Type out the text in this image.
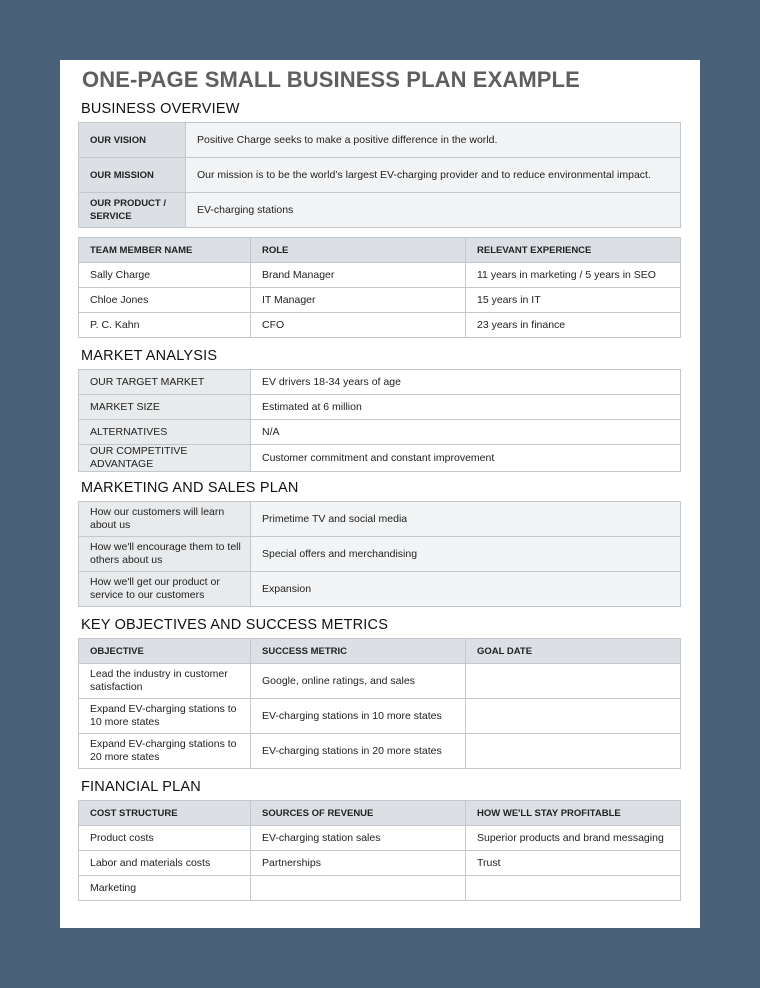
ONE-PAGE SMALL BUSINESS PLAN EXAMPLE
BUSINESS OVERVIEW
OUR VISION	Positive Charge seeks to make a positive difference in the world.
OUR MISSION	Our mission is to be the world’s largest EV-charging provider and to reduce environmental impact.
OUR PRODUCT / SERVICE	EV-charging stations
TEAM MEMBER NAME	ROLE	RELEVANT EXPERIENCE
Sally Charge	Brand Manager	11 years in marketing / 5 years in SEO
Chloe Jones	IT Manager	15 years in IT
P. C. Kahn	CFO	23 years in finance
MARKET ANALYSIS
OUR TARGET MARKET	EV drivers 18-34 years of age
MARKET SIZE	Estimated at 6 million
ALTERNATIVES	N/A
OUR COMPETITIVE ADVANTAGE	Customer commitment and constant improvement
MARKETING AND SALES PLAN
How our customers will learn about us	Primetime TV and social media
How we'll encourage them to tell others about us	Special offers and merchandising
How we'll get our product or service to our customers	Expansion
KEY OBJECTIVES AND SUCCESS METRICS
OBJECTIVE	SUCCESS METRIC	GOAL DATE
Lead the industry in customer satisfaction	Google, online ratings, and sales	
Expand EV-charging stations to 10 more states	EV-charging stations in 10 more states	
Expand EV-charging stations to 20 more states	EV-charging stations in 20 more states	
FINANCIAL PLAN
COST STRUCTURE	SOURCES OF REVENUE	HOW WE'LL STAY PROFITABLE
Product costs	EV-charging station sales	Superior products and brand messaging
Labor and materials costs	Partnerships	Trust
Marketing		
